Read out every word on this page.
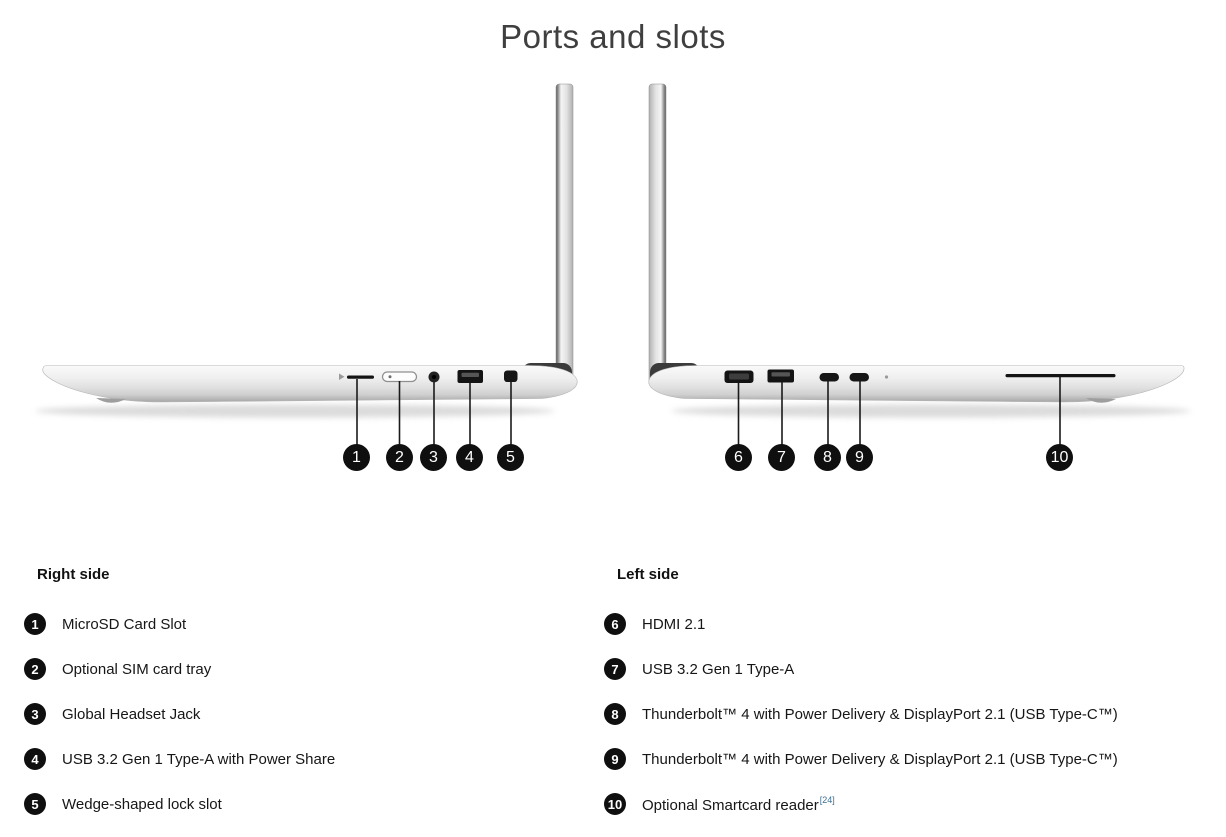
Ports and slots
1	2	3	4	5	6	7	8	9	10
Right side
1	MicroSD Card Slot
2	Optional SIM card tray
3	Global Headset Jack
4	USB 3.2 Gen 1 Type-A with Power Share
5	Wedge-shaped lock slot
Left side
6	HDMI 2.1
7	USB 3.2 Gen 1 Type-A
8	Thunderbolt™ 4 with Power Delivery & DisplayPort 2.1 (USB Type-C™)
9	Thunderbolt™ 4 with Power Delivery & DisplayPort 2.1 (USB Type-C™)
10 Optional Smartcard reader[24]
